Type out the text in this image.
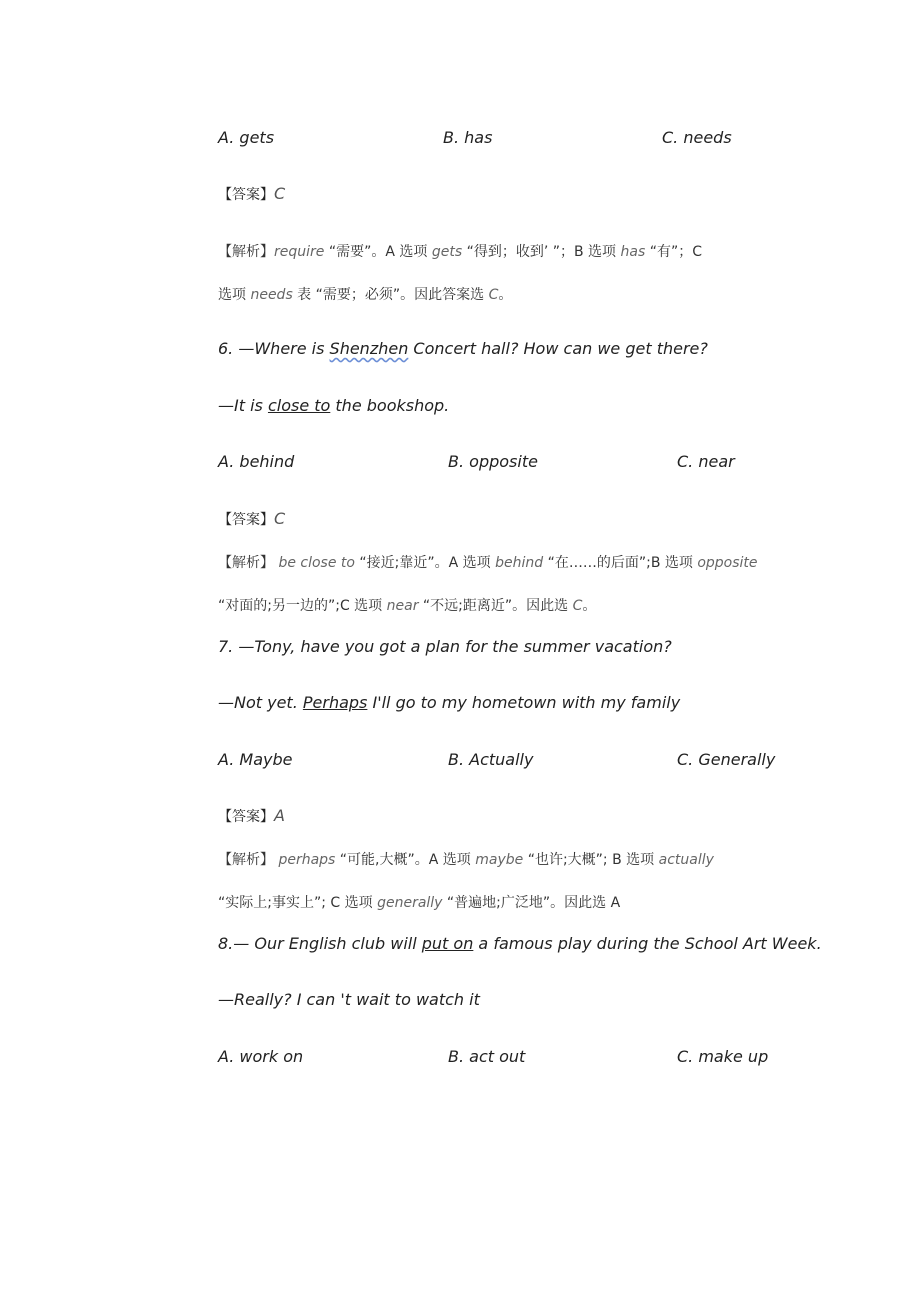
A. gets	B. has	C. needs
【答案】C
【解析】require “需要”。A 选项 gets “得到；收到’ ”；B 选项 has “有”；C
选项 needs 表 “需要；必须”。因此答案选 C。
6. —Where is Shenzhen Concert hall? How can we get there?
—It is close to the bookshop.
A. behind	B. opposite	C. near
【答案】C
【解析】 be close to “接近;靠近”。A 选项 behind “在……的后面”;B 选项 opposite
“对面的;另一边的”;C 选项 near “不远;距离近”。因此选 C。
7. —Tony, have you got a plan for the summer vacation?
—Not yet. Perhaps I'll go to my hometown with my family
A. Maybe	B. Actually	C. Generally
【答案】A
【解析】 perhaps “可能,大概”。A 选项 maybe “也许;大概”; B 选项 actually
“实际上;事实上”; C 选项 generally “普遍地;广泛地”。因此选 A
8.— Our English club will put on a famous play during the School Art Week.
—Really? I can 't wait to watch it
A. work on	B. act out	C. make up
